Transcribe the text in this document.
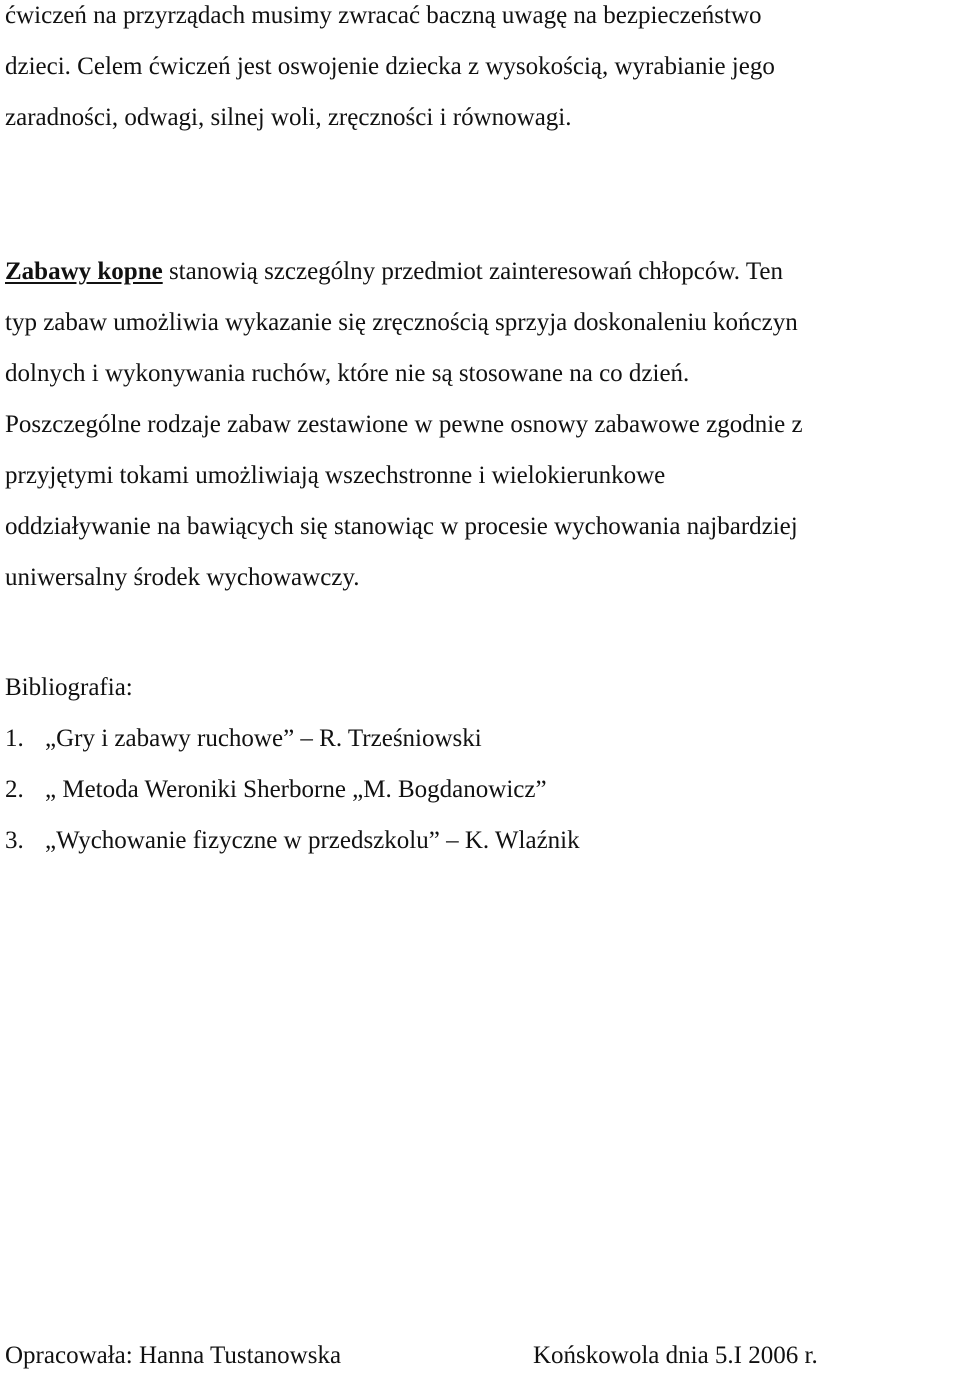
ćwiczeń na przyrządach musimy zwracać baczną uwagę na bezpieczeństwo
dzieci. Celem ćwiczeń jest oswojenie dziecka z wysokością, wyrabianie jego
zaradności, odwagi, silnej woli, zręczności i równowagi.
Zabawy kopne stanowią szczególny przedmiot zainteresowań chłopców. Ten
typ zabaw umożliwia wykazanie się zręcznością sprzyja doskonaleniu kończyn
dolnych i wykonywania ruchów, które nie są stosowane na co dzień.
Poszczególne rodzaje zabaw zestawione w pewne osnowy zabawowe zgodnie z
przyjętymi tokami umożliwiają wszechstronne i wielokierunkowe
oddziaływanie na bawiących się stanowiąc w procesie wychowania najbardziej
uniwersalny środek wychowawczy.
Bibliografia:
1. „Gry i zabawy ruchowe” – R. Trześniowski
2. „ Metoda Weroniki Sherborne „M. Bogdanowicz”
3. „Wychowanie fizyczne w przedszkolu” – K. Wlaźnik
Opracowała: Hanna Tustanowska	Końskowola dnia 5.I 2006 r.
